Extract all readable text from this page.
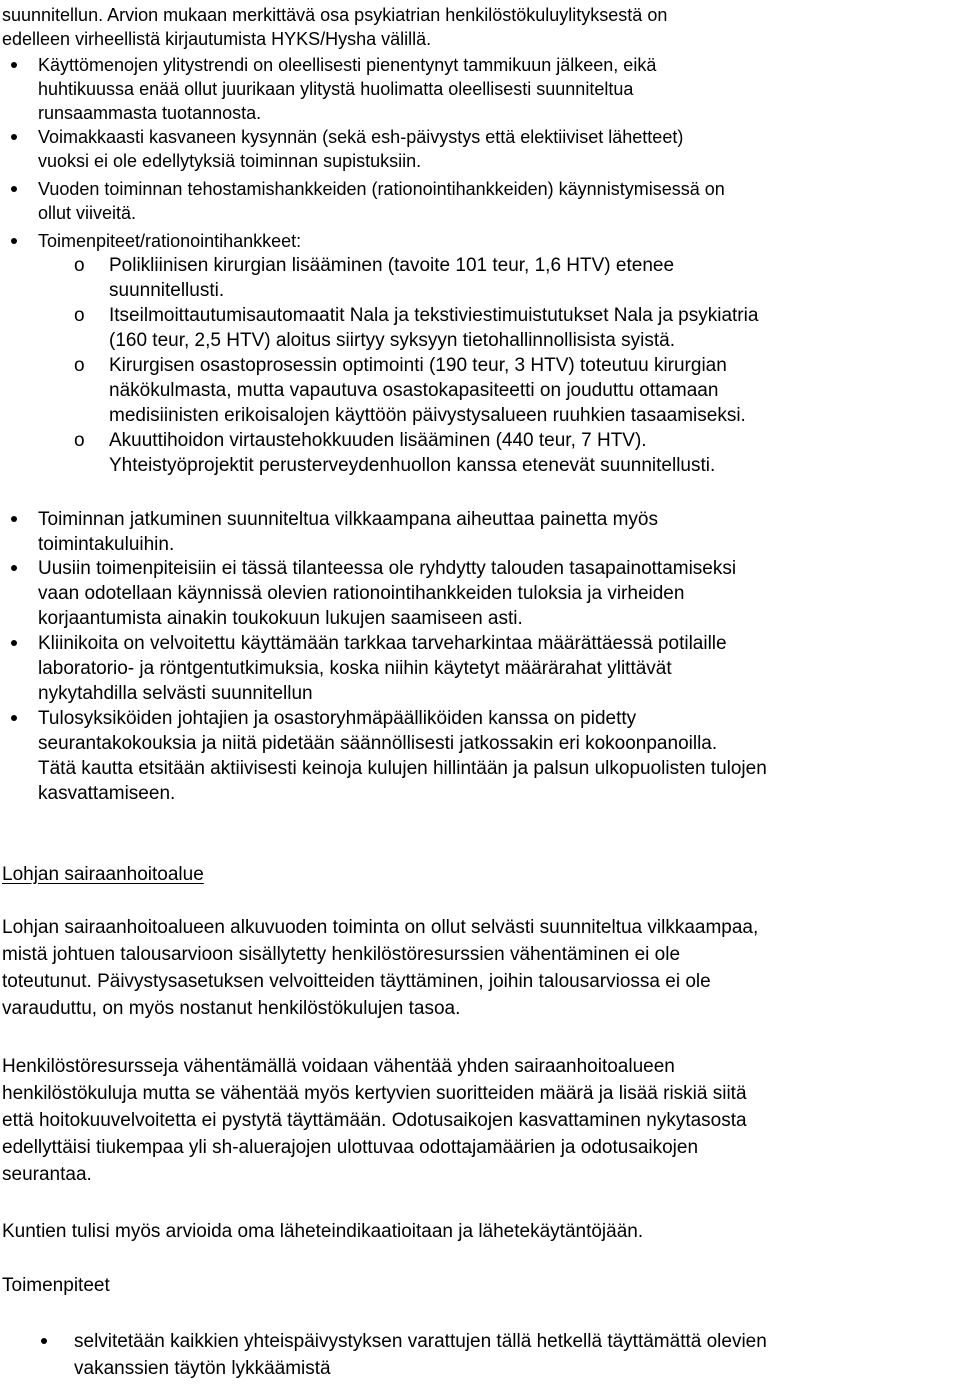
suunnitellun. Arvion mukaan merkittävä osa psykiatrian henkilöstökuluylityksestä on
edelleen virheellistä kirjautumista HYKS/Hysha välillä.
Käyttömenojen ylitystrendi on oleellisesti pienentynyt tammikuun jälkeen, eikä
huhtikuussa enää ollut juurikaan ylitystä huolimatta oleellisesti suunniteltua
runsaammasta tuotannosta.
Voimakkaasti kasvaneen kysynnän (sekä esh-päivystys että elektiiviset lähetteet)
vuoksi ei ole edellytyksiä toiminnan supistuksiin.
Vuoden toiminnan tehostamishankkeiden (rationointihankkeiden) käynnistymisessä on
ollut viiveitä.
Toimenpiteet/rationointihankkeet:
o Polikliinisen kirurgian lisääminen (tavoite 101 teur, 1,6 HTV) etenee
suunnitellusti.
o Itseilmoittautumisautomaatit Nala ja tekstiviestimuistutukset Nala ja psykiatria
(160 teur, 2,5 HTV) aloitus siirtyy syksyyn tietohallinnollisista syistä.
o Kirurgisen osastoprosessin optimointi (190 teur, 3 HTV) toteutuu kirurgian
näkökulmasta, mutta vapautuva osastokapasiteetti on jouduttu ottamaan
medisiinisten erikoisalojen käyttöön päivystysalueen ruuhkien tasaamiseksi.
o Akuuttihoidon virtaustehokkuuden lisääminen (440 teur, 7 HTV).
Yhteistyöprojektit perusterveydenhuollon kanssa etenevät suunnitellusti.
Toiminnan jatkuminen suunniteltua vilkkaampana aiheuttaa painetta myös
toimintakuluihin.
Uusiin toimenpiteisiin ei tässä tilanteessa ole ryhdytty talouden tasapainottamiseksi
vaan odotellaan käynnissä olevien rationointihankkeiden tuloksia ja virheiden
korjaantumista ainakin toukokuun lukujen saamiseen asti.
Kliinikoita on velvoitettu käyttämään tarkkaa tarveharkintaa määrättäessä potilaille
laboratorio- ja röntgentutkimuksia, koska niihin käytetyt määrärahat ylittävät
nykytahdilla selvästi suunnitellun
Tulosyksiköiden johtajien ja osastoryhmäpäälliköiden kanssa on pidetty
seurantakokouksia ja niitä pidetään säännöllisesti jatkossakin eri kokoonpanoilla.
Tätä kautta etsitään aktiivisesti keinoja kulujen hillintään ja palsun ulkopuolisten tulojen
kasvattamiseen.
Lohjan sairaanhoitoalue
Lohjan sairaanhoitoalueen alkuvuoden toiminta on ollut selvästi suunniteltua vilkkaampaa,
mistä johtuen talousarvioon sisällytetty henkilöstöresurssien vähentäminen ei ole
toteutunut. Päivystysasetuksen velvoitteiden täyttäminen, joihin talousarviossa ei ole
varauduttu, on myös nostanut henkilöstökulujen tasoa.
Henkilöstöresursseja vähentämällä voidaan vähentää yhden sairaanhoitoalueen
henkilöstökuluja mutta se vähentää myös kertyvien suoritteiden määrä ja lisää riskiä siitä
että hoitokuuvelvoitetta ei pystytä täyttämään. Odotusaikojen kasvattaminen nykytasosta
edellyttäisi tiukempaa yli sh-aluerajojen ulottuvaa odottajamäärien ja odotusaikojen
seurantaa.
Kuntien tulisi myös arvioida oma läheteindikaatioitaan ja lähetekäytäntöjään.
Toimenpiteet
selvitetään kaikkien yhteispäivystyksen varattujen tällä hetkellä täyttämättä olevien
vakanssien täytön lykkäämistä
